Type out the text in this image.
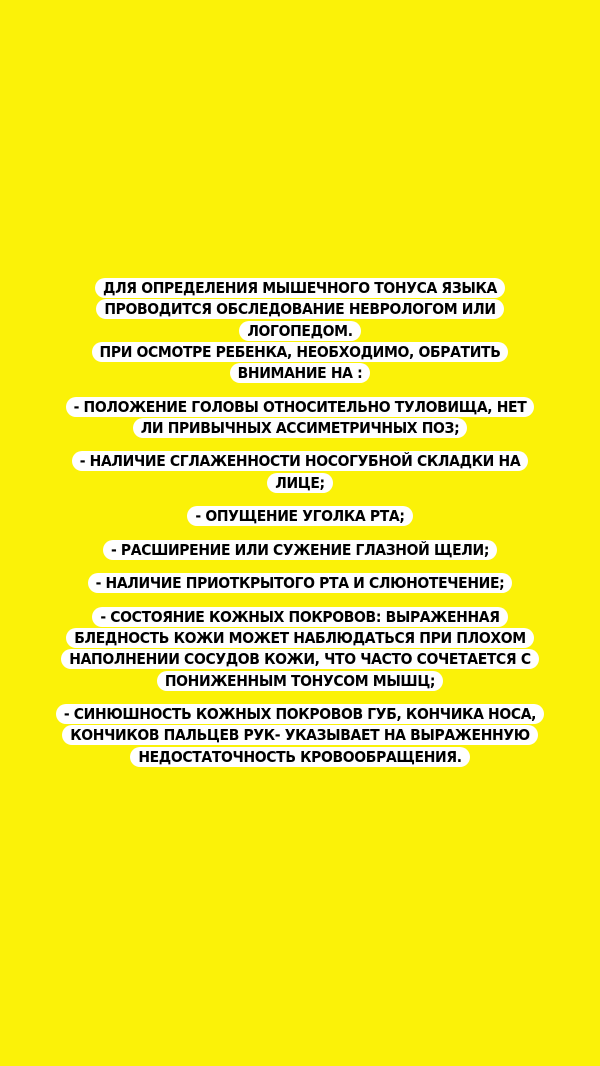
ДЛЯ ОПРЕДЕЛЕНИЯ МЫШЕЧНОГО ТОНУСА ЯЗЫКА
ПРОВОДИТСЯ ОБСЛЕДОВАНИЕ НЕВРОЛОГОМ ИЛИ
ЛОГОПЕДОМ.
ПРИ ОСМОТРЕ РЕБЕНКА, НЕОБХОДИМО, ОБРАТИТЬ
ВНИМАНИЕ НА :

- ПОЛОЖЕНИЕ ГОЛОВЫ ОТНОСИТЕЛЬНО ТУЛОВИЩА, НЕТ
ЛИ ПРИВЫЧНЫХ АССИМЕТРИЧНЫХ ПОЗ;

- НАЛИЧИЕ СГЛАЖЕННОСТИ НОСОГУБНОЙ СКЛАДКИ НА
ЛИЦЕ;

- ОПУЩЕНИЕ УГОЛКА РТА;

- РАСШИРЕНИЕ ИЛИ СУЖЕНИЕ ГЛАЗНОЙ ЩЕЛИ;

- НАЛИЧИЕ ПРИОТКРЫТОГО РТА И СЛЮНОТЕЧЕНИЕ;

- СОСТОЯНИЕ КОЖНЫХ ПОКРОВОВ: ВЫРАЖЕННАЯ
БЛЕДНОСТЬ КОЖИ МОЖЕТ НАБЛЮДАТЬСЯ ПРИ ПЛОХОМ
НАПОЛНЕНИИ СОСУДОВ КОЖИ, ЧТО ЧАСТО СОЧЕТАЕТСЯ С
ПОНИЖЕННЫМ ТОНУСОМ МЫШЦ;

- СИНЮШНОСТЬ КОЖНЫХ ПОКРОВОВ ГУБ, КОНЧИКА НОСА,
КОНЧИКОВ ПАЛЬЦЕВ РУК- УКАЗЫВАЕТ НА ВЫРАЖЕННУЮ
НЕДОСТАТОЧНОСТЬ КРОВООБРАЩЕНИЯ.
